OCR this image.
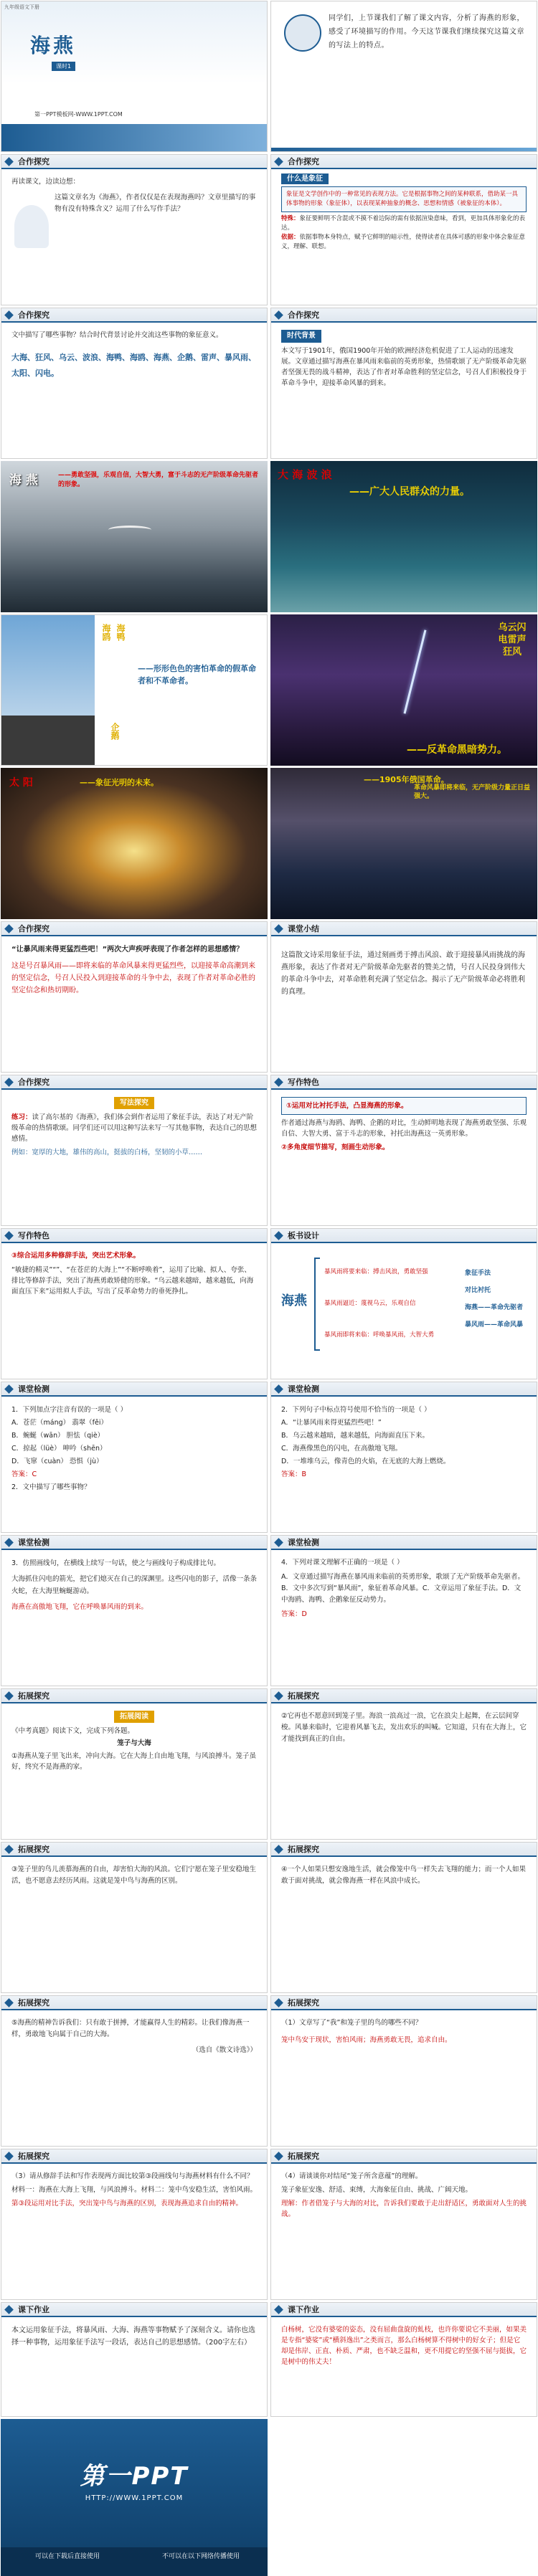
九年级语文下册
海燕
课时1
第一PPT模板网-WWW.1PPT.COM
同学们，上节课我们了解了课文内容，分析了海燕的形象，感受了环境描写的作用。今天这节课我们继续探究这篇文章的写法上的特点。
合作探究
再读课文，边读边想：
这篇文章名为《海燕》，作者仅仅是在表现海燕吗？文章里描写的事物有没有特殊含义？运用了什么写作手法？
合作探究
什么是象征
象征是文学创作中的一种常见的表现方法。它是根据事物之间的某种联系，借助某一具体事物的形象（象征体），以表现某种抽象的概念、思想和情感（被象征的本体）。
特殊：象征要鲜明不含混或不摸不着边际的需有依据渲染意味，看到，更加具体形象化的表达。
依据：依据事物本身特点，赋予它鲜明的暗示性，使得读者在具体可感的形象中体会象征意义，理解、联想。
合作探究
文中描写了哪些事物？结合时代背景讨论并交流这些事物的象征意义。
大海、狂风、乌云、波浪、海鸭、海鸥、海燕、企鹅、雷声、暴风雨、太阳、闪电。
合作探究
时代背景
本文写于1901年，俄国1900年开始的欧洲经济危机促进了工人运动的迅速发展。文章通过描写海燕在暴风雨来临前的英勇形象，热情歌颂了无产阶级革命先驱者坚强无畏的战斗精神，表达了作者对革命胜利的坚定信念，号召人们积极投身于革命斗争中，迎接革命风暴的到来。
海 燕	——勇敢坚强，乐观自信，大智大勇，富于斗志的无产阶级革命先驱者的形象。
大 海 波 浪
——广大人民群众的力量。
海鸥 海鸭
企鹅
——形形色色的害怕革命的假革命者和不革命者。
乌云闪电雷声狂风
——反革命黑暗势力。
太 阳	——象征光明的未来。	——1905年俄国革命。
革命风暴即将来临，无产阶级力量正日益强大。
合作探究
“让暴风雨来得更猛烈些吧！”两次大声疾呼表现了作者怎样的思想感情？
这是号召暴风雨——即将来临的革命风暴来得更猛烈些，以迎接革命高潮到来的坚定信念，号召人民投入到迎接革命的斗争中去，表现了作者对革命必胜的坚定信念和热切期盼。
课堂小结
这篇散文诗采用象征手法，通过刻画勇于搏击风浪、敢于迎接暴风雨挑战的海燕形象，表达了作者对无产阶级革命先驱者的赞美之情，号召人民投身到伟大的革命斗争中去，对革命胜利充满了坚定信念。揭示了无产阶级革命必将胜利的真理。
合作探究
写法探究
练习：读了高尔基的《海燕》，我们体会到作者运用了象征手法，表达了对无产阶级革命的热情歌颂。同学们还可以用这种写法来写一写其他事物，表达自己的思想感情。
例如：宽厚的大地，雄伟的高山，挺拔的白杨，坚韧的小草……
写作特色
①运用对比衬托手法，凸显海燕的形象。
作者通过海燕与海鸥、海鸭、企鹅的对比，生动鲜明地表现了海燕勇敢坚强、乐观自信、大智大勇、富于斗志的形象，衬托出海燕这一英勇形象。
②多角度细节描写，刻画生动形象。
写作特色
③综合运用多种修辞手法，突出艺术形象。
“敏捷的精灵”“”、“在苍茫的大海上”“不断呼唤着”，运用了比喻、拟人、夸张、排比等修辞手法，突出了海燕勇敢矫健的形象。“乌云越来越暗，越来越低，向海面直压下来”运用拟人手法，写出了反革命势力的垂死挣扎。
板书设计
海燕
暴风雨将要来临：搏击风浪，勇敢坚强
暴风雨逼近：蔑视乌云，乐观自信
暴风雨即将来临：呼唤暴风雨，大智大勇
象征手法
对比衬托
海燕——革命先驱者
暴风雨——革命风暴
课堂检测
1．下列加点字注音有误的一项是（ ）
A．苍茫（máng） 翡翠（fěi）
B．蜿蜒（wān） 胆怯（qiè）
C．掠起（lüè） 呻吟（shēn）
D．飞窜（cuàn） 恐惧（jù）
答案：C
2．文中描写了哪些事物？
课堂检测
2．下列句子中标点符号使用不恰当的一项是（ ）
A．“让暴风雨来得更猛烈些吧！”
B．乌云越来越暗，越来越低，向海面直压下来。
C．海燕像黑色的闪电，在高傲地飞翔。
D．一堆堆乌云，像青色的火焰，在无底的大海上燃烧。
答案：B
课堂检测
3．仿照画线句，在横线上续写一句话，使之与画线句子构成排比句。
大海抓住闪电的箭光，把它们熄灭在自己的深渊里。这些闪电的影子，活像一条条火蛇，在大海里蜿蜒游动。
海燕在高傲地飞翔，它在呼唤暴风雨的到来。
课堂检测
4．下列对课文理解不正确的一项是（ ）
A．文章通过描写海燕在暴风雨来临前的英勇形象，歌颂了无产阶级革命先驱者。B．文中多次写到“暴风雨”，象征着革命风暴。C．文章运用了象征手法。D．文中海鸥、海鸭、企鹅象征反动势力。
答案：D
拓展探究
拓展阅读
《中考真题》阅读下文，完成下列各题。
笼子与大海
①海燕从笼子里飞出来，冲向大海。它在大海上自由地飞翔，与风浪搏斗。笼子虽好，终究不是海燕的家。
拓展探究
②它再也不愿意回到笼子里。海浪一浪高过一浪，它在浪尖上起舞，在云层间穿梭。风暴来临时，它迎着风暴飞去，发出欢乐的叫喊。它知道，只有在大海上，它才能找到真正的自由。
拓展探究
③笼子里的鸟儿羡慕海燕的自由，却害怕大海的风浪。它们宁愿在笼子里安稳地生活，也不愿意去经历风雨。这就是笼中鸟与海燕的区别。
拓展探究
④一个人如果只想安逸地生活，就会像笼中鸟一样失去飞翔的能力；而一个人如果敢于面对挑战，就会像海燕一样在风浪中成长。
拓展探究
⑤海燕的精神告诉我们：只有敢于拼搏，才能赢得人生的精彩。让我们像海燕一样，勇敢地飞向属于自己的大海。
（选自《散文诗选》）
拓展探究
（1）文章写了“我”和笼子里的鸟的哪些不同？
笼中鸟安于现状，害怕风雨；海燕勇敢无畏，追求自由。
拓展探究
（3）请从修辞手法和写作表现两方面比较第③段画线句与海燕材料有什么不同？
材料一：海燕在大海上飞翔，与风浪搏斗。材料二：笼中鸟安稳生活，害怕风雨。
第③段运用对比手法，突出笼中鸟与海燕的区别，表现海燕追求自由的精神。
拓展探究
（4）请谈谈你对结尾“笼子所含意蕴”的理解。
笼子象征安逸、舒适、束缚，大海象征自由、挑战、广阔天地。
理解：作者借笼子与大海的对比，告诉我们要敢于走出舒适区，勇敢面对人生的挑战。
课下作业
本文运用象征手法，将暴风雨、大海、海燕等事物赋予了深刻含义。请你也选择一种事物，运用象征手法写一段话，表达自己的思想感情。（200字左右）
课下作业
白杨树，它没有婆娑的姿态，没有屈曲盘旋的虬枝，也许你要说它不美丽，如果美是专指“婆娑”或“横斜逸出”之类而言，那么白杨树算不得树中的好女子；但是它却是伟岸、正直、朴质、严肃，也不缺乏温和，更不用提它的坚强不屈与挺拔，它是树中的伟丈夫！
第一PPT
HTTP://WWW.1PPT.COM
可以在下载后直接使用	不可以在以下网络传播使用
